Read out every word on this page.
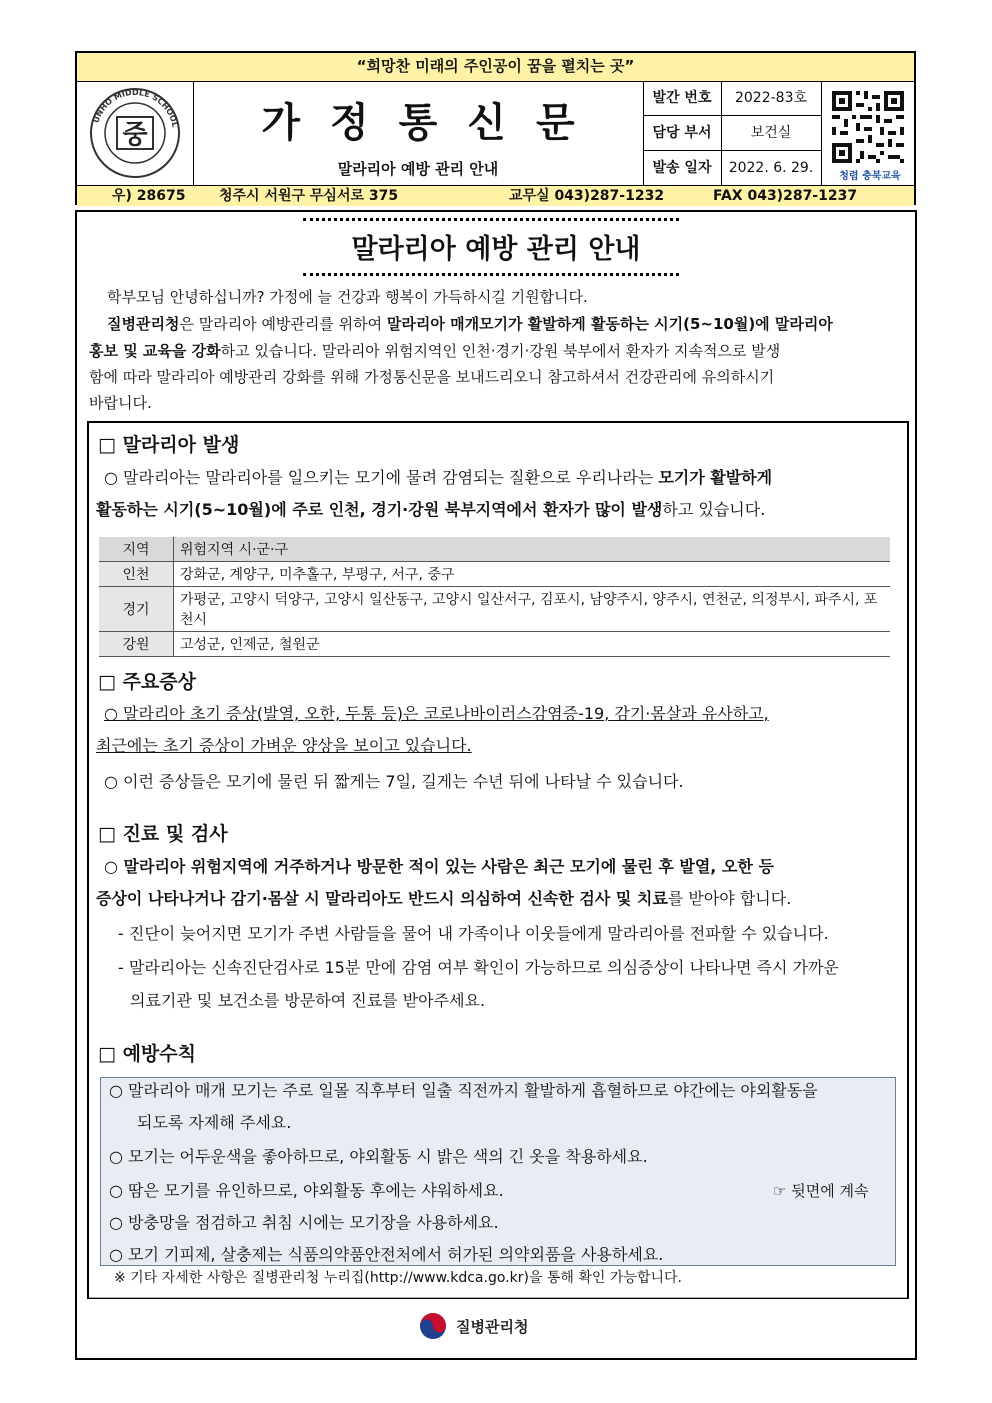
“희망찬 미래의 주인공이 꿈을 펼치는 곳”
UNHO MIDDLE SCHOOL
중	가정통신문
말라리아 예방 관리 안내
발간 번호	2022-83호
담당 부서	보건실
발송 일자	2022. 6. 29.
청렴 충북교육
우) 28675 청주시 서원구 무심서로 375	교무실 043)287-1232	FAX 043)287-1237
말라리아 예방 관리 안내
학부모님 안녕하십니까? 가정에 늘 건강과 행복이 가득하시길 기원합니다.
질병관리청은 말라리아 예방관리를 위하여 말라리아 매개모기가 활발하게 활동하는 시기(5~10월)에 말라리아
홍보 및 교육을 강화하고 있습니다. 말라리아 위험지역인 인천·경기·강원 북부에서 환자가 지속적으로 발생
함에 따라 말라리아 예방관리 강화를 위해 가정통신문을 보내드리오니 참고하셔서 건강관리에 유의하시기
바랍니다.
□ 말라리아 발생
○ 말라리아는 말라리아를 일으키는 모기에 물려 감염되는 질환으로 우리나라는 모기가 활발하게
활동하는 시기(5~10월)에 주로 인천, 경기·강원 북부지역에서 환자가 많이 발생하고 있습니다.
지역	위험지역 시·군·구
인천	강화군, 계양구, 미추홀구, 부평구, 서구, 중구
경기	가평군, 고양시 덕양구, 고양시 일산동구, 고양시 일산서구, 김포시, 남양주시, 양주시, 연천군, 의정부시, 파주시, 포천시
강원	고성군, 인제군, 철원군
□ 주요증상
○ 말라리아 초기 증상(발열, 오한, 두통 등)은 코로나바이러스감염증-19, 감기·몸살과 유사하고,
최근에는 초기 증상이 가벼운 양상을 보이고 있습니다.
○ 이런 증상들은 모기에 물린 뒤 짧게는 7일, 길게는 수년 뒤에 나타날 수 있습니다.
□ 진료 및 검사
○ 말라리아 위험지역에 거주하거나 방문한 적이 있는 사람은 최근 모기에 물린 후 발열, 오한 등
증상이 나타나거나 감기·몸살 시 말라리아도 반드시 의심하여 신속한 검사 및 치료를 받아야 합니다.
- 진단이 늦어지면 모기가 주변 사람들을 물어 내 가족이나 이웃들에게 말라리아를 전파할 수 있습니다.
- 말라리아는 신속진단검사로 15분 만에 감염 여부 확인이 가능하므로 의심증상이 나타나면 즉시 가까운
의료기관 및 보건소를 방문하여 진료를 받아주세요.
□ 예방수칙
○ 말라리아 매개 모기는 주로 일몰 직후부터 일출 직전까지 활발하게 흡혈하므로 야간에는 야외활동을
되도록 자제해 주세요.
○ 모기는 어두운색을 좋아하므로, 야외활동 시 밝은 색의 긴 옷을 착용하세요.
○ 땀은 모기를 유인하므로, 야외활동 후에는 샤워하세요.	☞ 뒷면에 계속
○ 방충망을 점검하고 취침 시에는 모기장을 사용하세요.
○ 모기 기피제, 살충제는 식품의약품안전처에서 허가된 의약외품을 사용하세요.
※ 기타 자세한 사항은 질병관리청 누리집(http://www.kdca.go.kr)을 통해 확인 가능합니다.
질병관리청
